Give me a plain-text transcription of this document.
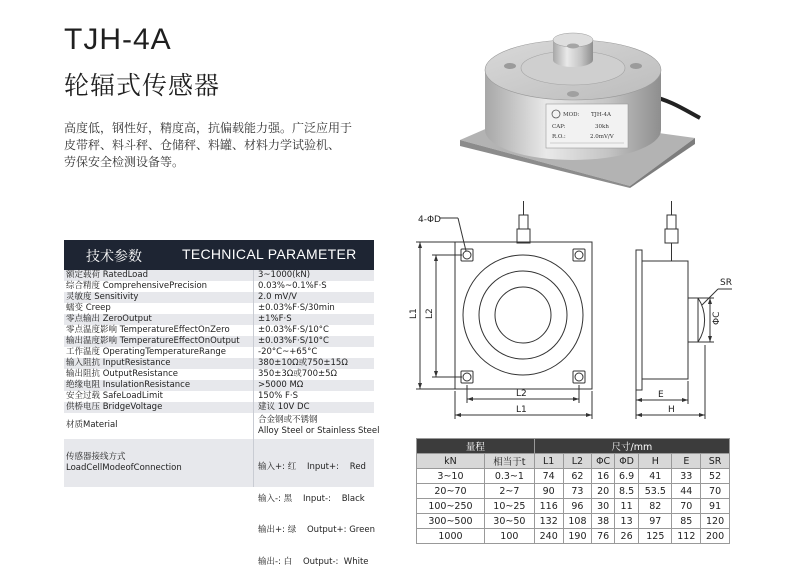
TJH-4A
轮辐式传感器
高度低，钢性好，精度高，抗偏载能力强。广泛应用于
皮带秤、料斗秤、仓储秤、料罐、材料力学试验机、
劳保安全检测设备等。
MOD: TJH-4A
CAP:	30kh
R.O.:	2.0mV/V
技术参数	TECHNICAL PARAMETER
额定载荷 RatedLoad	3~1000(kN)
综合精度 ComprehensivePrecision	0.03%~0.1%F·S
灵敏度 Sensitivity	2.0 mV/V
蠕变 Creep	±0.03%F·S/30min
零点输出 ZeroOutput	±1%F·S
零点温度影响 TemperatureEffectOnZero	±0.03%F·S/10°C
输出温度影响 TemperatureEffectOnOutput	±0.03%F·S/10°C
工作温度 OperatingTemperatureRange	-20°C~+65°C
输入阻抗 InputResistance	380±10Ω或750±15Ω
输出阻抗 OutputResistance	350±3Ω或700±5Ω
绝缘电阻 InsulationResistance	>5000 MΩ
安全过载 SafeLoadLimit	150% F·S
供桥电压 BridgeVoltage	建议 10V DC
材质Material	合金钢或不锈钢
Alloy Steel or Stainless Steel
传感器接线方式
LoadCellModeofConnection

	输入+: 红    Input+:    Red

输入-: 黑    Input-:    Black

输出+: 绿    Output+: Green

输出-: 白    Output-:  White

4-ΦD
L2
L1
L2
L1
E
H
ΦC
SR
量程		尺寸/mm						
kN	相当于t	L1	L2	ΦC	ΦD	H	E	SR
3~10	0.3~1	74	62	16	6.9	41	33	52
20~70	2~7	90	73	20	8.5	53.5	44	70
100~250	10~25	116	96	30	11	82	70	91
300~500	30~50	132	108	38	13	97	85	120
1000	100	240	190	76	26	125	112	200
